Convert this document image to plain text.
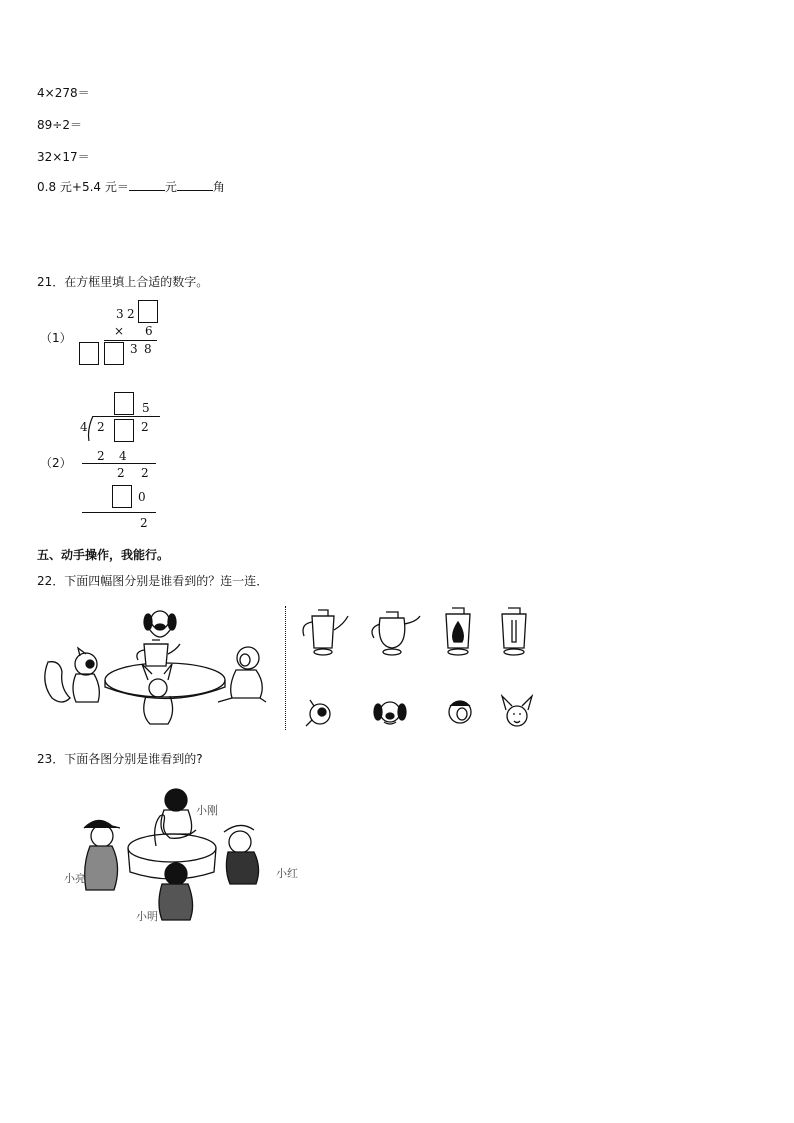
4×278＝
89÷2＝
32×17＝
0.8 元+5.4 元＝	元	角
21．在方框里填上合适的数字。
（1）
3 2
× 6
3 8
（2）
5
4 2	2
2 4
2 2
0
2
五、动手操作，我能行。
22．下面四幅图分别是谁看到的？连一连．
23．下面各图分别是谁看到的?
小刚
小红
小亮
小明
